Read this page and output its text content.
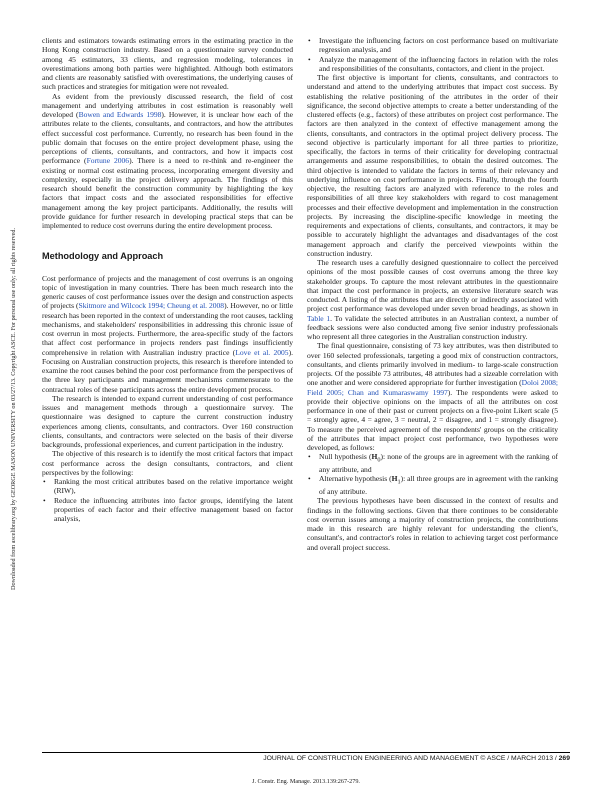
Downloaded from ascelibrary.org by GEORGE MASON UNIVERSITY on 03/27/13. Copyright ASCE. For personal use only; all rights reserved.

clients and estimators towards estimating errors in the estimating practice in the Hong Kong construction industry. Based on a questionnaire survey conducted among 45 estimators, 33 clients, and regression modeling, tolerances in overestimations among both parties were highlighted. Although both estimators and clients are reasonably satisfied with overestimations, the underlying causes of such practices and strategies for mitigation were not revealed.

As evident from the previously discussed research, the field of cost management and underlying attributes in cost estimation is reasonably well developed (Bowen and Edwards 1998). However, it is unclear how each of the attributes relate to the clients, consultants, and contractors, and how the attributes effect successful cost performance. Currently, no research has been found in the public domain that focuses on the entire project development phase, using the perceptions of clients, consultants, and contractors, and how it impacts cost performance (Fortune 2006). There is a need to re-think and re-engineer the existing or normal cost estimating process, incorporating emergent diversity and complexity, especially in the project delivery approach. The findings of this research should benefit the construction community by highlighting the key factors that impact costs and the associated responsibilities for effective management among the key project participants. Additionally, the results will provide guidance for further research in developing practical steps that can be implemented to reduce cost overruns during the entire development process.

Methodology and Approach

Cost performance of projects and the management of cost overruns is an ongoing topic of investigation in many countries. There has been much research into the generic causes of cost performance issues over the design and construction aspects of projects (Skitmore and Wilcock 1994; Cheung et al. 2008). However, no or little research has been reported in the context of understanding the root causes, tackling mechanisms, and stakeholders' responsibilities in addressing this chronic issue of cost overrun in most projects. Furthermore, the area-specific study of the factors that affect cost performance in projects renders past findings insufficiently comprehensive in relation with Australian industry practice (Love et al. 2005). Focusing on Australian construction projects, this research is therefore intended to examine the root causes behind the poor cost performance from the perspectives of the three key participants and management mechanisms commensurate to the contractual roles of these participants across the entire development process.

The research is intended to expand current understanding of cost performance issues and management methods through a questionnaire survey. The questionnaire was designed to capture the current construction industry experiences among clients, consultants, and contractors. Over 160 construction clients, consultants, and contractors were selected on the basis of their diverse backgrounds, professional experiences, and current participation in the industry.

The objective of this research is to identify the most critical factors that impact cost performance across the design consultants, contractors, and client perspectives by the following:

• Ranking the most critical attributes based on the relative importance weight (RIW),
• Reduce the influencing attributes into factor groups, identifying the latent properties of each factor and their effective management based on factor analysis,
• Investigate the influencing factors on cost performance based on multivariate regression analysis, and
• Analyze the management of the influencing factors in relation with the roles and responsibilities of the consultants, contactors, and client in the project.

The first objective is important for clients, consultants, and contractors to understand and attend to the underlying attributes that impact cost success. By establishing the relative positioning of the attributes in the order of their significance, the second objective attempts to create a better understanding of the clustered effects (e.g., factors) of these attributes on project cost performance. The factors are then analyzed in the context of effective management among the clients, consultants, and contractors in the optimal project delivery process. The second objective is particularly important for all three parties to prioritize, specifically, the factors in terms of their criticality for developing contractual arrangements and assume responsibilities, to obtain the desired outcomes. The third objective is intended to validate the factors in terms of their relevancy and underlying influence on cost performance in projects. Finally, through the fourth objective, the resulting factors are analyzed with reference to the roles and responsibilities of all three key stakeholders with regard to cost management processes and their effective development and implementation in the construction projects. By increasing the discipline-specific knowledge in meeting the requirements and expectations of clients, consultants, and contractors, it may be possible to accurately highlight the advantages and disadvantages of the cost management approach and clarify the perceived viewpoints within the construction industry.

The research uses a carefully designed questionnaire to collect the perceived opinions of the most possible causes of cost overruns among the three key stakeholder groups. To capture the most relevant attributes in the questionnaire that impact the cost performance in projects, an extensive literature search was conducted. A listing of the attributes that are directly or indirectly associated with project cost performance was developed under seven broad headings, as shown in Table 1. To validate the selected attributes in an Australian context, a number of feedback sessions were also conducted among five senior industry professionals who represent all three categories in the Australian construction industry.

The final questionnaire, consisting of 73 key attributes, was then distributed to over 160 selected professionals, targeting a good mix of construction contractors, consultants, and clients primarily involved in medium- to large-scale construction projects. Of the possible 73 attributes, 48 attributes had a sizeable correlation with one another and were considered appropriate for further investigation (Doloi 2008; Field 2005; Chan and Kumaraswamy 1997). The respondents were asked to provide their objective opinions on the impacts of all the attributes on cost performance in one of their past or current projects on a five-point Likert scale (5 = strongly agree, 4 = agree, 3 = neutral, 2 = disagree, and 1 = strongly disagree). To measure the perceived agreement of the respondents' groups on the criticality of the attributes that impact project cost performance, two hypotheses were developed, as follows:

• Null hypothesis $(H_0)$: none of the groups are in agreement with the ranking of any attribute, and
• Alternative hypothesis $(H_1)$: all three groups are in agreement with the ranking of any attribute.

The previous hypotheses have been discussed in the context of results and findings in the following sections. Given that there continues to be considerable cost overrun issues among a majority of construction projects, the contributions made in this research are highly relevant for understanding the client's, consultant's, and contractor's roles in relation to achieving target cost performance and overall project success.

JOURNAL OF CONSTRUCTION ENGINEERING AND MANAGEMENT © ASCE / MARCH 2013 / 269
J. Constr. Eng. Manage. 2013.139:267-279.
